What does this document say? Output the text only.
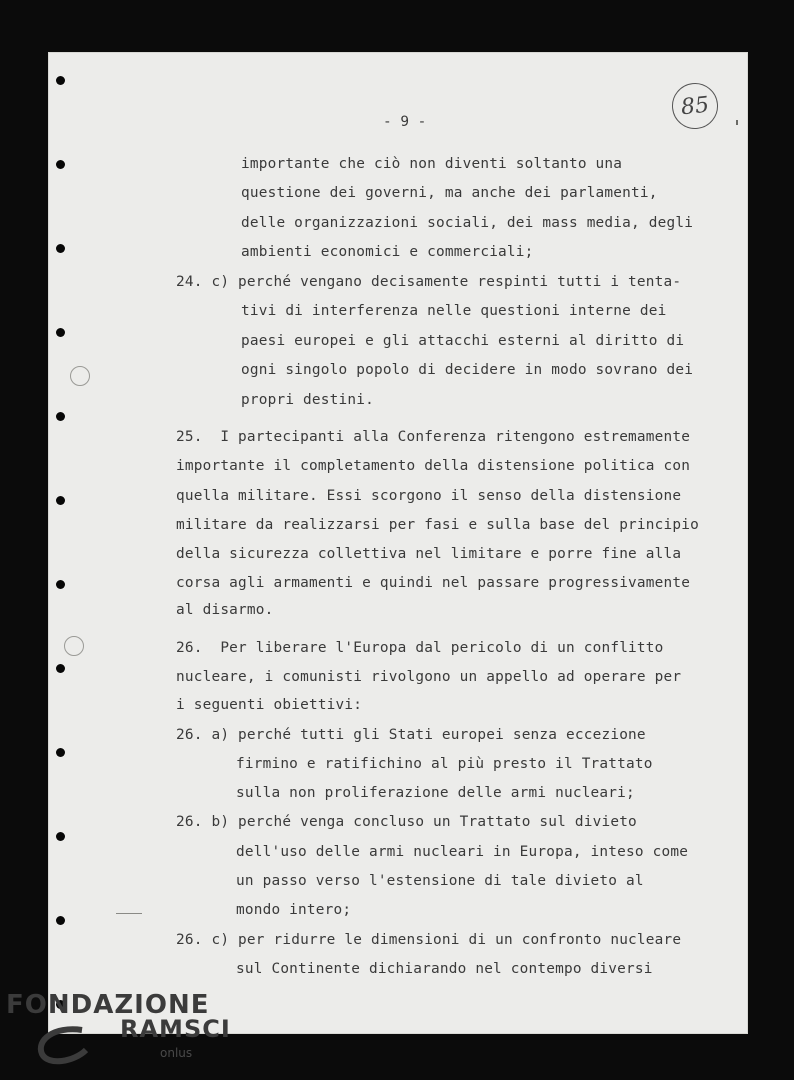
- 9 -
85
importante che ciò non diventi soltanto una
questione dei governi, ma anche dei parlamenti,
delle organizzazioni sociali, dei mass media, degli
ambienti economici e commerciali;
24. c) perché vengano decisamente respinti tutti i tenta-
tivi di interferenza nelle questioni interne dei
paesi europei e gli attacchi esterni al diritto di
ogni singolo popolo di decidere in modo sovrano dei
propri destini.
25.  I partecipanti alla Conferenza ritengono estremamente
importante il completamento della distensione politica con
quella militare. Essi scorgono il senso della distensione
militare da realizzarsi per fasi e sulla base del principio
della sicurezza collettiva nel limitare e porre fine alla
corsa agli armamenti e quindi nel passare progressivamente
al disarmo.
26.  Per liberare l'Europa dal pericolo di un conflitto
nucleare, i comunisti rivolgono un appello ad operare per
i seguenti obiettivi:
26. a) perché tutti gli Stati europei senza eccezione
firmino e ratifichino al più presto il Trattato
sulla non proliferazione delle armi nucleari;
26. b) perché venga concluso un Trattato sul divieto
dell'uso delle armi nucleari in Europa, inteso come
un passo verso l'estensione di tale divieto al
mondo intero;
26. c) per ridurre le dimensioni di un confronto nucleare
sul Continente dichiarando nel contempo diversi
FONDAZIONE
RAMSCI
onlus
